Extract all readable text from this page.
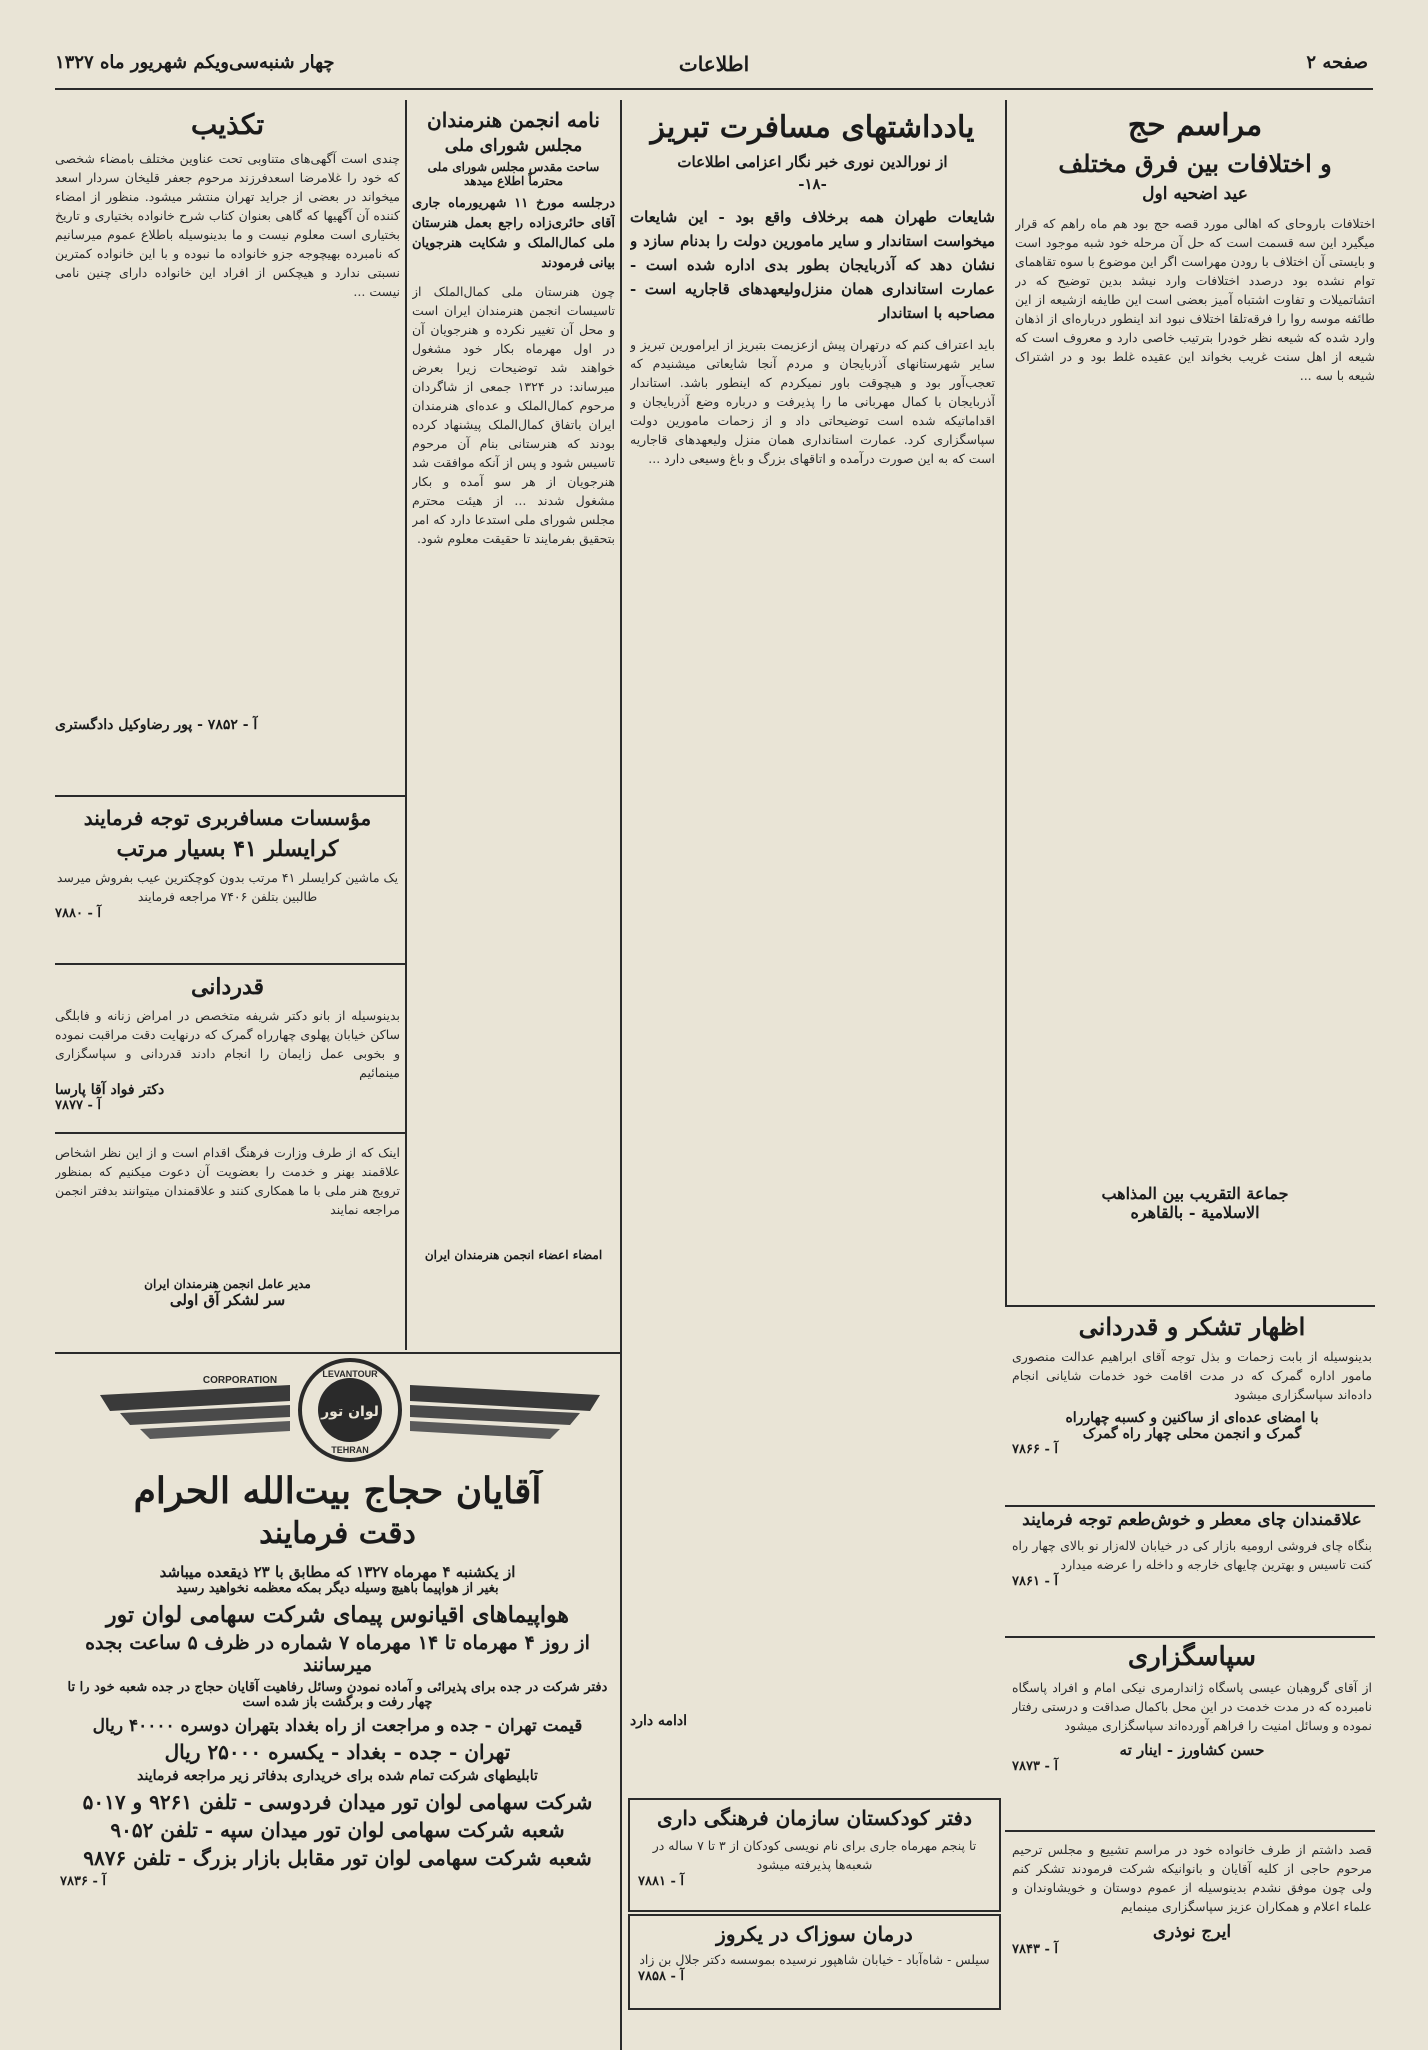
صفحه ۲
اطلاعات
چهار شنبه‌سی‌ویکم شهریور ماه ۱۳۲۷
مراسم حج
و اختلافات بین فرق مختلف
عید اضحیه اول
اختلافات باروحای که اهالی مورد قصه حج بود هم ماه راهم که قرار میگیرد این سه قسمت است که حل آن مرحله خود شبه موجود است و بایستی آن اختلاف با رودن مهراست اگر این موضوع با سوه تقاهمای توام نشده بود درصدد اختلافات وارد نیشد بدین توضیح که در اتشاتمیلات و تفاوت اشتباه آمیز بعضی است این طایفه ازشیعه از این طائفه موسه روا را فرقه‌تلقا اختلاف نبود اند اینطور درباره‌ای از اذهان وارد شده که شیعه نظر خودرا بترتیب خاصی دارد و معروف است که شیعه از اهل سنت غریب بخواند این عقیده غلط بود و در اشتراک شیعه با سه ...
جماعة التقریب بین المذاهب
الاسلامیة - بالقاهره
یادداشتهای مسافرت تبریز
از نورالدین نوری خبر نگار اعزامی اطلاعات
-۱۸-
شایعات طهران همه برخلاف واقع بود - این شایعات میخواست استاندار و سایر مامورین دولت را بدنام سازد و نشان دهد که آذربایجان بطور بدی اداره شده است - عمارت استانداری همان منزل‌ولیعهدهای قاجاریه است - مصاحبه با استاندار
باید اعتراف کنم که درتهران پیش ازعزیمت بتبریز از ایرامورین تبریز و سایر شهرستانهای آذربایجان و مردم آنجا شایعاتی میشنیدم که تعجب‌آور بود و هیچوقت باور نمیکردم که اینطور باشد. استاندار آذربایجان با کمال مهربانی ما را پذیرفت و درباره وضع آذربایجان و اقداماتیکه شده است توضیحاتی داد و از زحمات مامورین دولت سپاسگزاری کرد. عمارت استانداری همان منزل ولیعهدهای قاجاریه است که به این صورت درآمده و اتاقهای بزرگ و باغ وسیعی دارد ...
ادامه دارد
نامه انجمن هنرمندان
مجلس شورای ملی
ساحت مقدس مجلس شورای ملی
محترماً اطلاع میدهد
درجلسه مورخ ۱۱ شهریورماه جاری آقای حائری‌زاده راجع بعمل هنرستان ملی کمال‌الملک و شکایت هنرجویان بیانی فرمودند
چون هنرستان ملی کمال‌الملک از تاسیسات انجمن هنرمندان ایران است و محل آن تغییر نکرده و هنرجویان آن در اول مهرماه بکار خود مشغول خواهند شد توضیحات زیرا بعرض میرساند: در ۱۳۲۴ جمعی از شاگردان مرحوم کمال‌الملک و عده‌ای هنرمندان ایران باتفاق کمال‌الملک پیشنهاد کرده بودند که هنرستانی بنام آن مرحوم تاسیس شود و پس از آنکه موافقت شد هنرجویان از هر سو آمده و بکار مشغول شدند ... از هیئت محترم مجلس شورای ملی استدعا دارد که امر بتحقیق بفرمایند تا حقیقت معلوم شود.
امضاء اعضاء انجمن هنرمندان ایران
تکذیب
چندی است آگهی‌های متناوبی تحت عناوین مختلف بامضاء شخصی که خود را غلامرضا اسعدفرزند مرحوم جعفر قلیخان سردار اسعد میخواند در بعضی از جراید تهران منتشر میشود. منظور از امضاء کننده آن آگهیها که گاهی بعنوان کتاب شرح خانواده بختیاری و تاریخ بختیاری است معلوم نیست و ما بدینوسیله باطلاع عموم میرسانیم که نامبرده بهیچوجه جزو خانواده ما نبوده و با این خانواده کمترین نسبتی ندارد و هیچکس از افراد این خانواده دارای چنین نامی نیست ...
آ - ۷۸۵۲ - پور رضاوکیل دادگستری
مؤسسات مسافربری توجه فرمایند
کرایسلر ۴۱ بسیار مرتب
یک ماشین کرایسلر ۴۱ مرتب بدون کوچکترین عیب بفروش میرسد طالبین بتلفن ۷۴۰۶ مراجعه فرمایند
آ - ۷۸۸۰
قدردانی
بدینوسیله از بانو دکتر شریفه متخصص در امراض زنانه و فابلگی ساکن خیابان پهلوی چهارراه گمرک که درنهایت دقت مراقبت نموده و بخوبی عمل زایمان را انجام دادند قدردانی و سپاسگزاری مینمائیم
دکتر فواد آقا پارسا
آ - ۷۸۷۷
اینک که از طرف وزارت فرهنگ اقدام است و از این نظر اشخاص علاقمند بهنر و خدمت را بعضویت آن دعوت میکنیم که بمنظور ترویج هنر ملی با ما همکاری کنند و علاقمندان میتوانند بدفتر انجمن مراجعه نمایند
مدیر عامل انجمن هنرمندان ایران
سر لشکر آق اولی
LEVANTOUR
TEHRAN
CORPORATION
لوان تور
آقایان حجاج بیت‌الله الحرام
دقت فرمایند
از یکشنبه ۴ مهرماه ۱۳۲۷ که مطابق با ۲۳ ذیقعده میباشد
بغیر از هواپیما باهیچ وسیله دیگر بمکه معظمه نخواهید رسید
هواپیماهای اقیانوس پیمای شرکت سهامی لوان تور
از روز ۴ مهرماه تا ۱۴ مهرماه ۷ شماره در ظرف ۵ ساعت بجده میرسانند
دفتر شرکت در جده برای پذیرائی و آماده نمودن وسائل رفاهیت آقایان حجاج در جده شعبه خود را تا چهار رفت و برگشت باز شده است
قیمت تهران - جده و مراجعت از راه بغداد بتهران دوسره ۴۰۰۰۰ ریال
تهران - جده - بغداد - یکسره ۲۵۰۰۰ ریال
تابلیطهای شرکت تمام شده برای خریداری بدفاتر زیر مراجعه فرمایند
شرکت سهامی لوان تور میدان فردوسی - تلفن ۹۲۶۱ و ۵۰۱۷
شعبه شرکت سهامی لوان تور میدان سپه - تلفن ۹۰۵۲
شعبه شرکت سهامی لوان تور مقابل بازار بزرگ - تلفن ۹۸۷۶
آ - ۷۸۳۶
دفتر کودکستان سازمان فرهنگی داری
تا پنجم مهرماه جاری برای نام نویسی کودکان از ۳ تا ۷ ساله در شعبه‌ها پذیرفته میشود
آ - ۷۸۸۱
درمان سوزاک در یکروز
سیلس - شاه‌آباد - خیابان شاهپور نرسیده بموسسه دکتر جلال بن زاد
آ - ۷۸۵۸
اظهار تشکر و قدردانی
بدینوسیله از بابت زحمات و بذل توجه آقای ابراهیم عدالت منصوری مامور اداره گمرک که در مدت اقامت خود خدمات شایانی انجام داده‌اند سپاسگزاری میشود
با امضای عده‌ای از ساکنین و کسبه چهارراه
گمرک و انجمن محلی چهار راه گمرک
آ - ۷۸۶۶
علاقمندان چای معطر و خوش‌طعم توجه فرمایند
بنگاه چای فروشی ارومیه بازار کی در خیابان لاله‌زار نو بالای چهار راه کنت تاسیس و بهترین چایهای خارجه و داخله را عرضه میدارد
آ - ۷۸۶۱
سپاسگزاری
از آقای گروهبان عیسی پاسگاه ژاندارمری نیکی امام و افراد پاسگاه نامبرده که در مدت خدمت در این محل باکمال صداقت و درستی رفتار نموده و وسائل امنیت را فراهم آورده‌اند سپاسگزاری میشود
حسن کشاورز - اینار ته
آ - ۷۸۷۳
قصد داشتم از طرف خانواده خود در مراسم تشییع و مجلس ترحیم مرحوم حاجی از کلیه آقایان و بانوانیکه شرکت فرمودند تشکر کنم ولی چون موفق نشدم بدینوسیله از عموم دوستان و خویشاوندان و علماء اعلام و همکاران عزیز سپاسگزاری مینمایم
ایرج نوذری
آ - ۷۸۴۳
